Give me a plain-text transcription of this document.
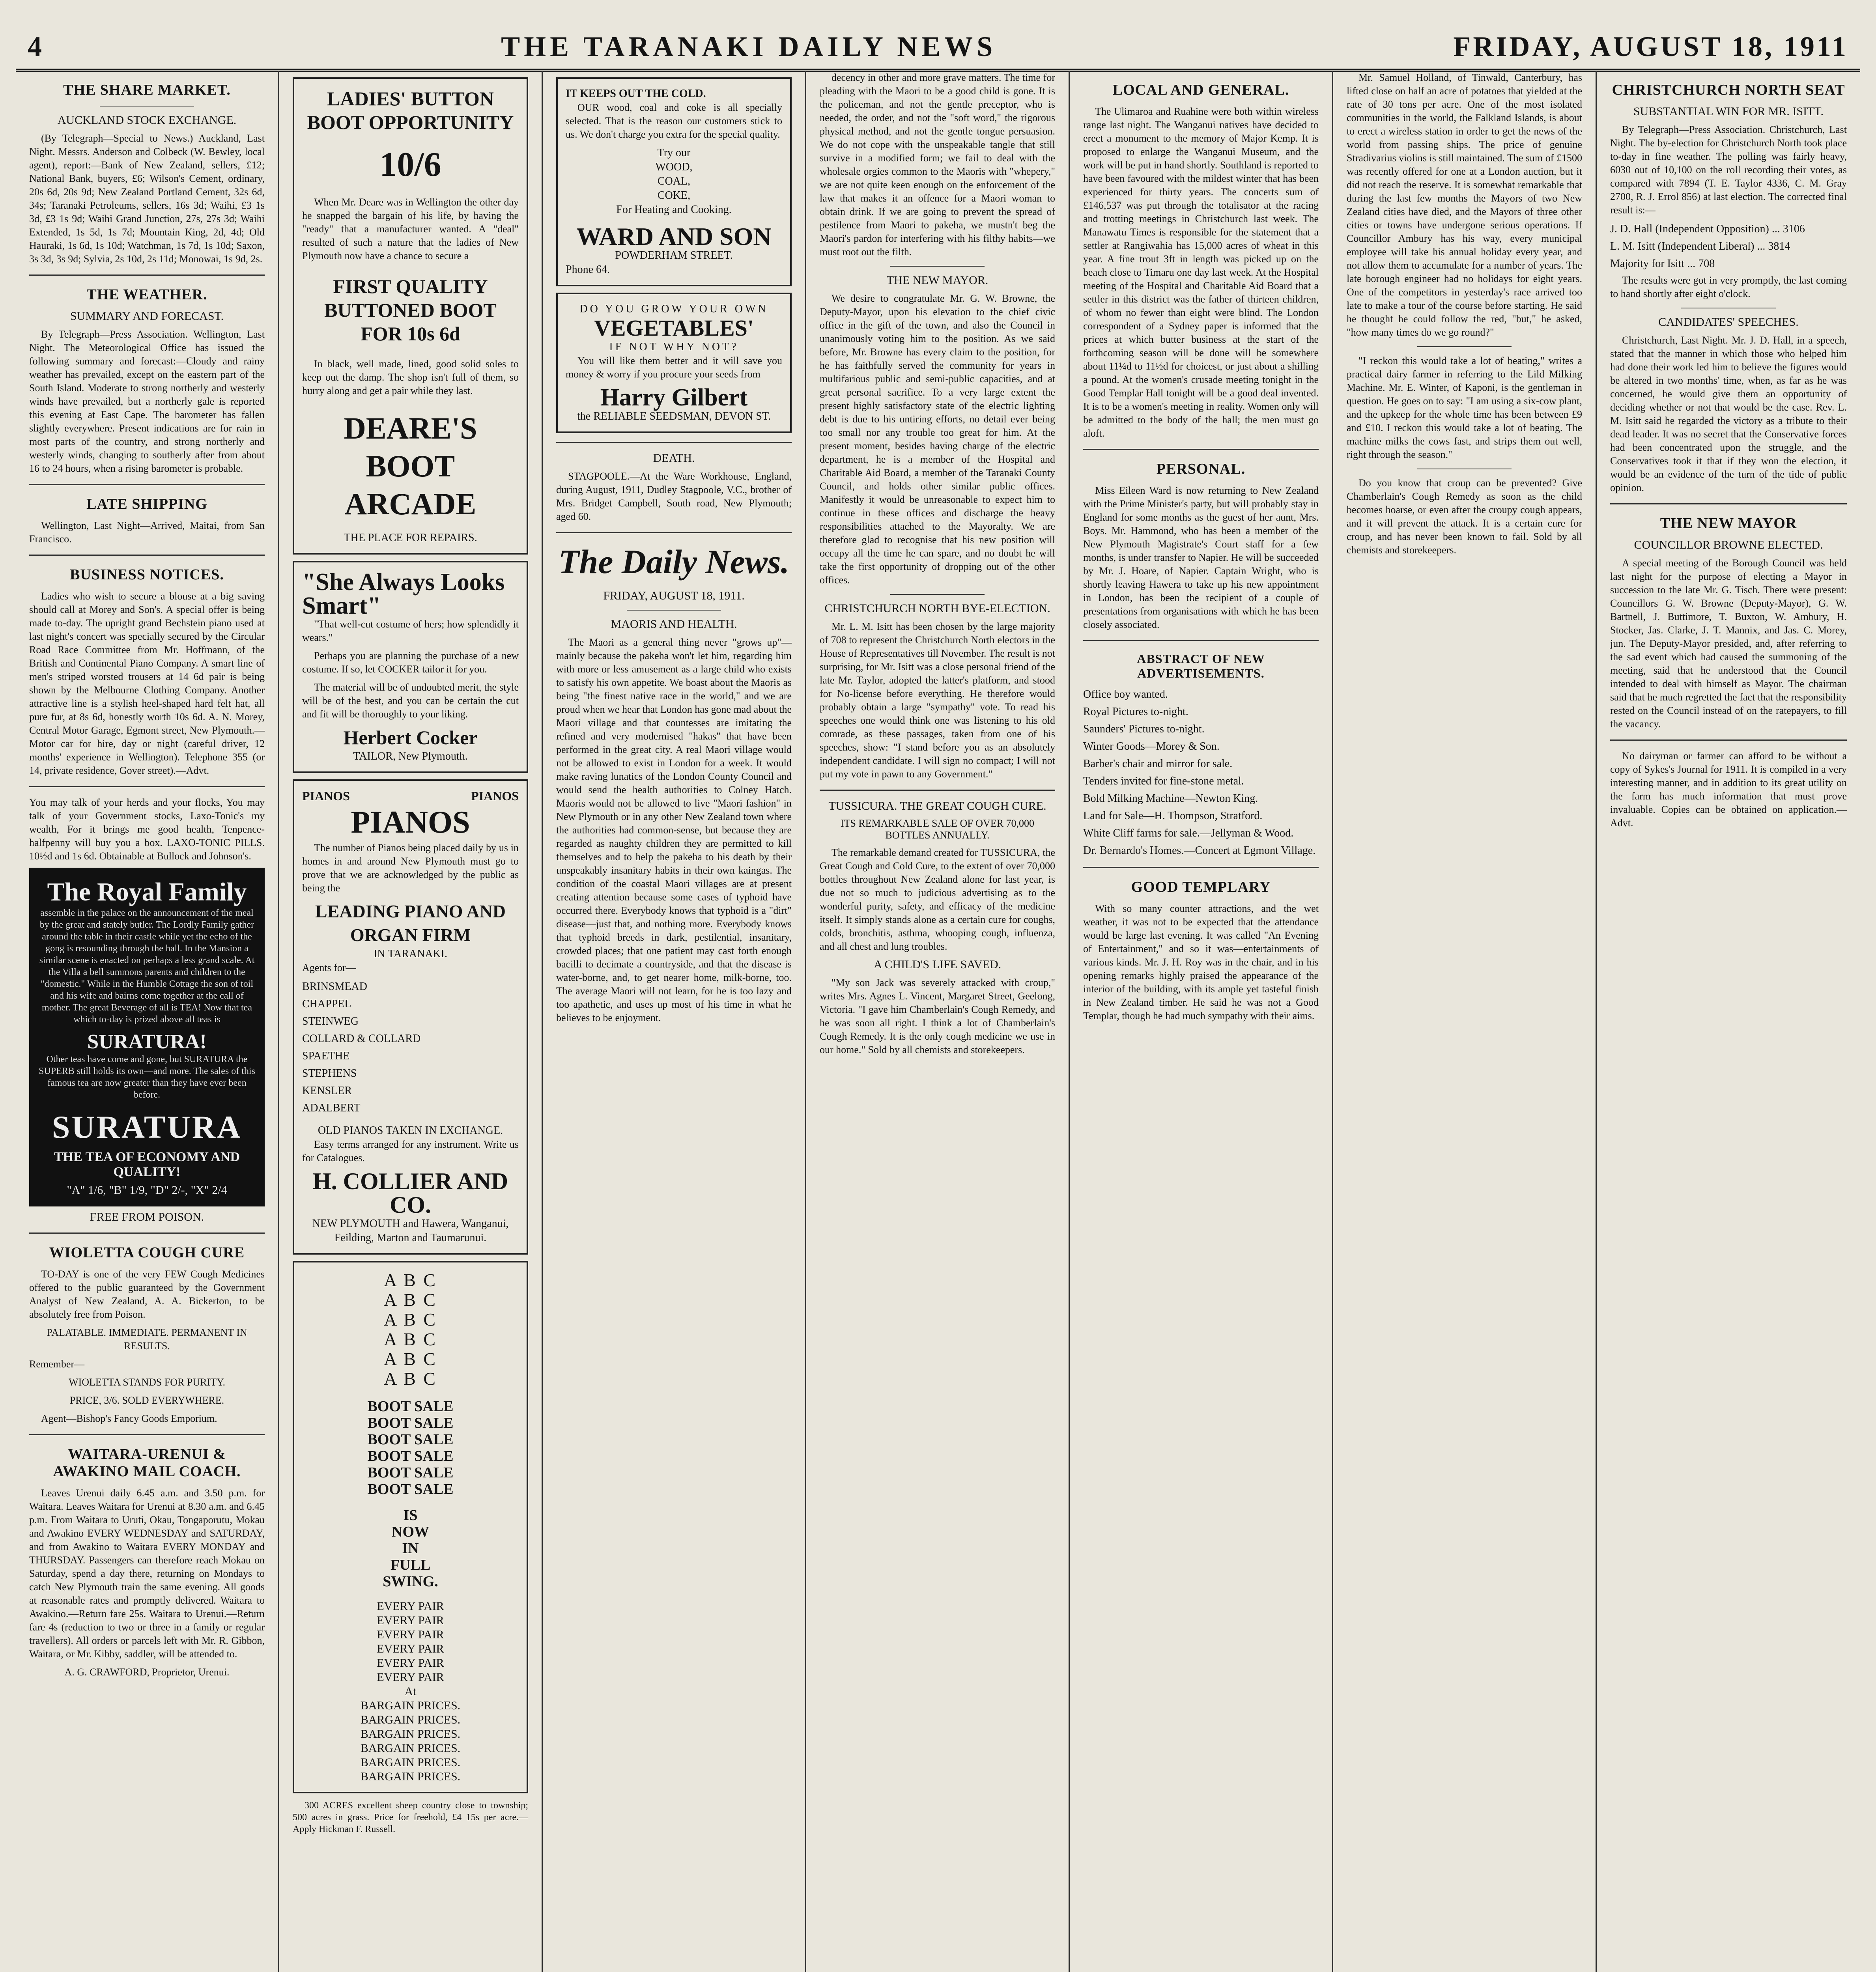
4	THE TARANAKI DAILY NEWS	FRIDAY, AUGUST 18, 1911
THE SHARE MARKET.
AUCKLAND STOCK EXCHANGE.

(By Telegraph—Special to News.) Auckland, Last Night. Messrs. Anderson and Colbeck (W. Bewley, local agent), report:—Bank of New Zealand, sellers, £12; National Bank, buyers, £6; Wilson's Cement, ordinary, 20s 6d, 20s 9d; New Zealand Portland Cement, 32s 6d, 34s; Taranaki Petroleums, sellers, 16s 3d; Waihi, £3 1s 3d, £3 1s 9d; Waihi Grand Junction, 27s, 27s 3d; Waihi Extended, 1s 5d, 1s 7d; Mountain King, 2d, 4d; Old Hauraki, 1s 6d, 1s 10d; Watchman, 1s 7d, 1s 10d; Saxon, 3s 3d, 3s 9d; Sylvia, 2s 10d, 2s 11d; Monowai, 1s 9d, 2s.

THE WEATHER.
SUMMARY AND FORECAST.

By Telegraph—Press Association. Wellington, Last Night. The Meteorological Office has issued the following summary and forecast:—Cloudy and rainy weather has prevailed, except on the eastern part of the South Island. Moderate to strong northerly and westerly winds have prevailed, but a northerly gale is reported this evening at East Cape. The barometer has fallen slightly everywhere. Present indications are for rain in most parts of the country, and strong northerly and westerly winds, changing to southerly after from about 16 to 24 hours, when a rising barometer is probable.

LATE SHIPPING

Wellington, Last Night—Arrived, Maitai, from San Francisco.

BUSINESS NOTICES.

Ladies who wish to secure a blouse at a big saving should call at Morey and Son's. A special offer is being made to-day. The upright grand Bechstein piano used at last night's concert was specially secured by the Circular Road Race Committee from Mr. Hoffmann, of the British and Continental Piano Company. A smart line of men's striped worsted trousers at 14 6d pair is being shown by the Melbourne Clothing Company. Another attractive line is a stylish heel-shaped hard felt hat, all pure fur, at 8s 6d, honestly worth 10s 6d. A. N. Morey, Central Motor Garage, Egmont street, New Plymouth.—Motor car for hire, day or night (careful driver, 12 months' experience in Wellington). Telephone 355 (or 14, private residence, Gover street).—Advt.

You may talk of your herds and your flocks, You may talk of your Government stocks, Laxo-Tonic's my wealth, For it brings me good health, Tenpence-halfpenny will buy you a box. LAXO-TONIC PILLS. 10½d and 1s 6d. Obtainable at Bullock and Johnson's.

The Royal Family

assemble in the palace on the announcement of the meal by the great and stately butler. The Lordly Family gather around the table in their castle while yet the echo of the gong is resounding through the hall. In the Mansion a similar scene is enacted on perhaps a less grand scale. At the Villa a bell summons parents and children to the "domestic." While in the Humble Cottage the son of toil and his wife and bairns come together at the call of mother. The great Beverage of all is TEA! Now that tea which to-day is prized above all teas is

SURATURA!

Other teas have come and gone, but SURATURA the SUPERB still holds its own—and more. The sales of this famous tea are now greater than they have ever been before.

SURATURA
THE TEA OF ECONOMY AND QUALITY!
"A" 1/6, "B" 1/9, "D" 2/-, "X" 2/4
FREE FROM POISON.
WIOLETTA COUGH CURE

TO-DAY is one of the very FEW Cough Medicines offered to the public guaranteed by the Government Analyst of New Zealand, A. A. Bickerton, to be absolutely free from Poison.

PALATABLE. IMMEDIATE. PERMANENT IN RESULTS.

Remember—

WIOLETTA STANDS FOR PURITY.

PRICE, 3/6. SOLD EVERYWHERE.

Agent—Bishop's Fancy Goods Emporium.

WAITARA-URENUI & AWAKINO MAIL COACH.

Leaves Urenui daily 6.45 a.m. and 3.50 p.m. for Waitara. Leaves Waitara for Urenui at 8.30 a.m. and 6.45 p.m. From Waitara to Uruti, Okau, Tongaporutu, Mokau and Awakino EVERY WEDNESDAY and SATURDAY, and from Awakino to Waitara EVERY MONDAY and THURSDAY. Passengers can therefore reach Mokau on Saturday, spend a day there, returning on Mondays to catch New Plymouth train the same evening. All goods at reasonable rates and promptly delivered. Waitara to Awakino.—Return fare 25s. Waitara to Urenui.—Return fare 4s (reduction to two or three in a family or regular travellers). All orders or parcels left with Mr. R. Gibbon, Waitara, or Mr. Kibby, saddler, will be attended to.

A. G. CRAWFORD, Proprietor, Urenui.

LADIES' BUTTON BOOT OPPORTUNITY
10/6

When Mr. Deare was in Wellington the other day he snapped the bargain of his life, by having the "ready" that a manufacturer wanted. A "deal" resulted of such a nature that the ladies of New Plymouth now have a chance to secure a

FIRST QUALITY BUTTONED BOOT FOR 10s 6d

In black, well made, lined, good solid soles to keep out the damp. The shop isn't full of them, so hurry along and get a pair while they last.

DEARE'S BOOT ARCADE
THE PLACE FOR REPAIRS.
"She Always Looks Smart"

"That well-cut costume of hers; how splendidly it wears."

Perhaps you are planning the purchase of a new costume. If so, let COCKER tailor it for you.

The material will be of undoubted merit, the style will be of the best, and you can be certain the cut and fit will be thoroughly to your liking.

Herbert Cocker
TAILOR, New Plymouth.
PIANOS	PIANOS
PIANOS

The number of Pianos being placed daily by us in homes in and around New Plymouth must go to prove that we are acknowledged by the public as being the

LEADING PIANO AND ORGAN FIRM
IN TARANAKI.

Agents for—

BRINSMEAD
CHAPPEL
STEINWEG
COLLARD & COLLARD
SPAETHE
STEPHENS
KENSLER
ADALBERT
OLD PIANOS TAKEN IN EXCHANGE.

Easy terms arranged for any instrument. Write us for Catalogues.

H. COLLIER AND CO.
NEW PLYMOUTH and Hawera, Wanganui, Feilding, Marton and Taumarunui.
A B C
A B C
A B C
A B C
A B C
A B C
BOOT SALE
BOOT SALE
BOOT SALE
BOOT SALE
BOOT SALE
BOOT SALE
IS
NOW
IN
FULL
SWING.
EVERY PAIR
EVERY PAIR
EVERY PAIR
EVERY PAIR
EVERY PAIR
EVERY PAIR
At
BARGAIN PRICES.
BARGAIN PRICES.
BARGAIN PRICES.
BARGAIN PRICES.
BARGAIN PRICES.
BARGAIN PRICES.

300 ACRES excellent sheep country close to township; 500 acres in grass. Price for freehold, £4 15s per acre.—Apply Hickman F. Russell.

IT KEEPS OUT THE COLD.

OUR wood, coal and coke is all specially selected. That is the reason our customers stick to us. We don't charge you extra for the special quality.

Try our
WOOD,
COAL,
COKE,
For Heating and Cooking.
WARD AND SON
POWDERHAM STREET.
Phone 64.
DO YOU GROW YOUR OWN
VEGETABLES'
IF NOT WHY NOT?

You will like them better and it will save you money & worry if you procure your seeds from

Harry Gilbert
the RELIABLE SEEDSMAN, DEVON ST.
DEATH.

STAGPOOLE.—At the Ware Workhouse, England, during August, 1911, Dudley Stagpoole, V.C., brother of Mrs. Bridget Campbell, South road, New Plymouth; aged 60.

The Daily News.
FRIDAY, AUGUST 18, 1911.
MAORIS AND HEALTH.

The Maori as a general thing never "grows up"—mainly because the pakeha won't let him, regarding him with more or less amusement as a large child who exists to satisfy his own appetite. We boast about the Maoris as being "the finest native race in the world," and we are proud when we hear that London has gone mad about the Maori village and that countesses are imitating the refined and very modernised "hakas" that have been performed in the great city. A real Maori village would not be allowed to exist in London for a week. It would make raving lunatics of the London County Council and would send the health authorities to Colney Hatch. Maoris would not be allowed to live "Maori fashion" in New Plymouth or in any other New Zealand town where the authorities had common-sense, but because they are regarded as naughty children they are permitted to kill themselves and to help the pakeha to his death by their unspeakably insanitary habits in their own kaingas. The condition of the coastal Maori villages are at present creating attention because some cases of typhoid have occurred there. Everybody knows that typhoid is a "dirt" disease—just that, and nothing more. Everybody knows that typhoid breeds in dark, pestilential, insanitary, crowded places; that one patient may cast forth enough bacilli to decimate a countryside, and that the disease is water-borne, and, to get nearer home, milk-borne, too. The average Maori will not learn, for he is too lazy and too apathetic, and uses up most of his time in what he believes to be enjoyment.

decency in other and more grave matters. The time for pleading with the Maori to be a good child is gone. It is the policeman, and not the gentle preceptor, who is needed, the order, and not the "soft word," the rigorous physical method, and not the gentle tongue persuasion. We do not cope with the unspeakable tangle that still survive in a modified form; we fail to deal with the wholesale orgies common to the Maoris with "whepery," we are not quite keen enough on the enforcement of the law that makes it an offence for a Maori woman to obtain drink. If we are going to prevent the spread of pestilence from Maori to pakeha, we mustn't beg the Maori's pardon for interfering with his filthy habits—we must root out the filth.

THE NEW MAYOR.

We desire to congratulate Mr. G. W. Browne, the Deputy-Mayor, upon his elevation to the chief civic office in the gift of the town, and also the Council in unanimously voting him to the position. As we said before, Mr. Browne has every claim to the position, for he has faithfully served the community for years in multifarious public and semi-public capacities, and at great personal sacrifice. To a very large extent the present highly satisfactory state of the electric lighting debt is due to his untiring efforts, no detail ever being too small nor any trouble too great for him. At the present moment, besides having charge of the electric department, he is a member of the Hospital and Charitable Aid Board, a member of the Taranaki County Council, and holds other similar public offices. Manifestly it would be unreasonable to expect him to continue in these offices and discharge the heavy responsibilities attached to the Mayoralty. We are therefore glad to recognise that his new position will occupy all the time he can spare, and no doubt he will take the first opportunity of dropping out of the other offices.

CHRISTCHURCH NORTH BYE-ELECTION.

Mr. L. M. Isitt has been chosen by the large majority of 708 to represent the Christchurch North electors in the House of Representatives till November. The result is not surprising, for Mr. Isitt was a close personal friend of the late Mr. Taylor, adopted the latter's platform, and stood for No-license before everything. He therefore would probably obtain a large "sympathy" vote. To read his speeches one would think one was listening to his old comrade, as these passages, taken from one of his speeches, show: "I stand before you as an absolutely independent candidate. I will sign no compact; I will not put my vote in pawn to any Government."

TUSSICURA. THE GREAT COUGH CURE.
ITS REMARKABLE SALE OF OVER 70,000 BOTTLES ANNUALLY.

The remarkable demand created for TUSSICURA, the Great Cough and Cold Cure, to the extent of over 70,000 bottles throughout New Zealand alone for last year, is due not so much to judicious advertising as to the wonderful purity, safety, and efficacy of the medicine itself. It simply stands alone as a certain cure for coughs, colds, bronchitis, asthma, whooping cough, influenza, and all chest and lung troubles.

A CHILD'S LIFE SAVED.

"My son Jack was severely attacked with croup," writes Mrs. Agnes L. Vincent, Margaret Street, Geelong, Victoria. "I gave him Chamberlain's Cough Remedy, and he was soon all right. I think a lot of Chamberlain's Cough Remedy. It is the only cough medicine we use in our home." Sold by all chemists and storekeepers.

LOCAL AND GENERAL.

The Ulimaroa and Ruahine were both within wireless range last night. The Wanganui natives have decided to erect a monument to the memory of Major Kemp. It is proposed to enlarge the Wanganui Museum, and the work will be put in hand shortly. Southland is reported to have been favoured with the mildest winter that has been experienced for thirty years. The concerts sum of £146,537 was put through the totalisator at the racing and trotting meetings in Christchurch last week. The Manawatu Times is responsible for the statement that a settler at Rangiwahia has 15,000 acres of wheat in this year. A fine trout 3ft in length was picked up on the beach close to Timaru one day last week. At the Hospital meeting of the Hospital and Charitable Aid Board that a settler in this district was the father of thirteen children, of whom no fewer than eight were blind. The London correspondent of a Sydney paper is informed that the prices at which butter business at the start of the forthcoming season will be done will be somewhere about 11¼d to 11½d for choicest, or just about a shilling a pound. At the women's crusade meeting tonight in the Good Templar Hall tonight will be a good deal invented. It is to be a women's meeting in reality. Women only will be admitted to the body of the hall; the men must go aloft.

PERSONAL.

Miss Eileen Ward is now returning to New Zealand with the Prime Minister's party, but will probably stay in England for some months as the guest of her aunt, Mrs. Boys. Mr. Hammond, who has been a member of the New Plymouth Magistrate's Court staff for a few months, is under transfer to Napier. He will be succeeded by Mr. J. Hoare, of Napier. Captain Wright, who is shortly leaving Hawera to take up his new appointment in London, has been the recipient of a couple of presentations from organisations with which he has been closely associated.

ABSTRACT OF NEW ADVERTISEMENTS.
Office boy wanted.
Royal Pictures to-night.
Saunders' Pictures to-night.
Winter Goods—Morey & Son.
Barber's chair and mirror for sale.
Tenders invited for fine-stone metal.
Bold Milking Machine—Newton King.
Land for Sale—H. Thompson, Stratford.
White Cliff farms for sale.—Jellyman & Wood.
Dr. Bernardo's Homes.—Concert at Egmont Village.
GOOD TEMPLARY

With so many counter attractions, and the wet weather, it was not to be expected that the attendance would be large last evening. It was called "An Evening of Entertainment," and so it was—entertainments of various kinds. Mr. J. H. Roy was in the chair, and in his opening remarks highly praised the appearance of the interior of the building, with its ample yet tasteful finish in New Zealand timber. He said he was not a Good Templar, though he had much sympathy with their aims.

Mr. Samuel Holland, of Tinwald, Canterbury, has lifted close on half an acre of potatoes that yielded at the rate of 30 tons per acre. One of the most isolated communities in the world, the Falkland Islands, is about to erect a wireless station in order to get the news of the world from passing ships. The price of genuine Stradivarius violins is still maintained. The sum of £1500 was recently offered for one at a London auction, but it did not reach the reserve. It is somewhat remarkable that during the last few months the Mayors of two New Zealand cities have died, and the Mayors of three other cities or towns have undergone serious operations. If Councillor Ambury has his way, every municipal employee will take his annual holiday every year, and not allow them to accumulate for a number of years. The late borough engineer had no holidays for eight years. One of the competitors in yesterday's race arrived too late to make a tour of the course before starting. He said he thought he could follow the red, "but," he asked, "how many times do we go round?"

"I reckon this would take a lot of beating," writes a practical dairy farmer in referring to the Lild Milking Machine. Mr. E. Winter, of Kaponi, is the gentleman in question. He goes on to say: "I am using a six-cow plant, and the upkeep for the whole time has been between £9 and £10. I reckon this would take a lot of beating. The machine milks the cows fast, and strips them out well, right through the season."

Do you know that croup can be prevented? Give Chamberlain's Cough Remedy as soon as the child becomes hoarse, or even after the croupy cough appears, and it will prevent the attack. It is a certain cure for croup, and has never been known to fail. Sold by all chemists and storekeepers.

CHRISTCHURCH NORTH SEAT
SUBSTANTIAL WIN FOR MR. ISITT.

By Telegraph—Press Association. Christchurch, Last Night. The by-election for Christchurch North took place to-day in fine weather. The polling was fairly heavy, 6030 out of 10,100 on the roll recording their votes, as compared with 7894 (T. E. Taylor 4336, C. M. Gray 2700, R. J. Errol 856) at last election. The corrected final result is:—

J. D. Hall (Independent Opposition) ... 3106
L. M. Isitt (Independent Liberal) ... 3814
Majority for Isitt ... 708

The results were got in very promptly, the last coming to hand shortly after eight o'clock.

CANDIDATES' SPEECHES.

Christchurch, Last Night. Mr. J. D. Hall, in a speech, stated that the manner in which those who helped him had done their work led him to believe the figures would be altered in two months' time, when, as far as he was concerned, he would give them an opportunity of deciding whether or not that would be the case. Rev. L. M. Isitt said he regarded the victory as a tribute to their dead leader. It was no secret that the Conservative forces had been concentrated upon the struggle, and the Conservatives took it that if they won the election, it would be an evidence of the turn of the tide of public opinion.

THE NEW MAYOR
COUNCILLOR BROWNE ELECTED.

A special meeting of the Borough Council was held last night for the purpose of electing a Mayor in succession to the late Mr. G. Tisch. There were present: Councillors G. W. Browne (Deputy-Mayor), G. W. Bartnell, J. Buttimore, T. Buxton, W. Ambury, H. Stocker, Jas. Clarke, J. T. Mannix, and Jas. C. Morey, jun. The Deputy-Mayor presided, and, after referring to the sad event which had caused the summoning of the meeting, said that he understood that the Council intended to deal with himself as Mayor. The chairman said that he much regretted the fact that the responsibility rested on the Council instead of on the ratepayers, to fill the vacancy.

No dairyman or farmer can afford to be without a copy of Sykes's Journal for 1911. It is compiled in a very interesting manner, and in addition to its great utility on the farm has much information that must prove invaluable. Copies can be obtained on application.—Advt.
